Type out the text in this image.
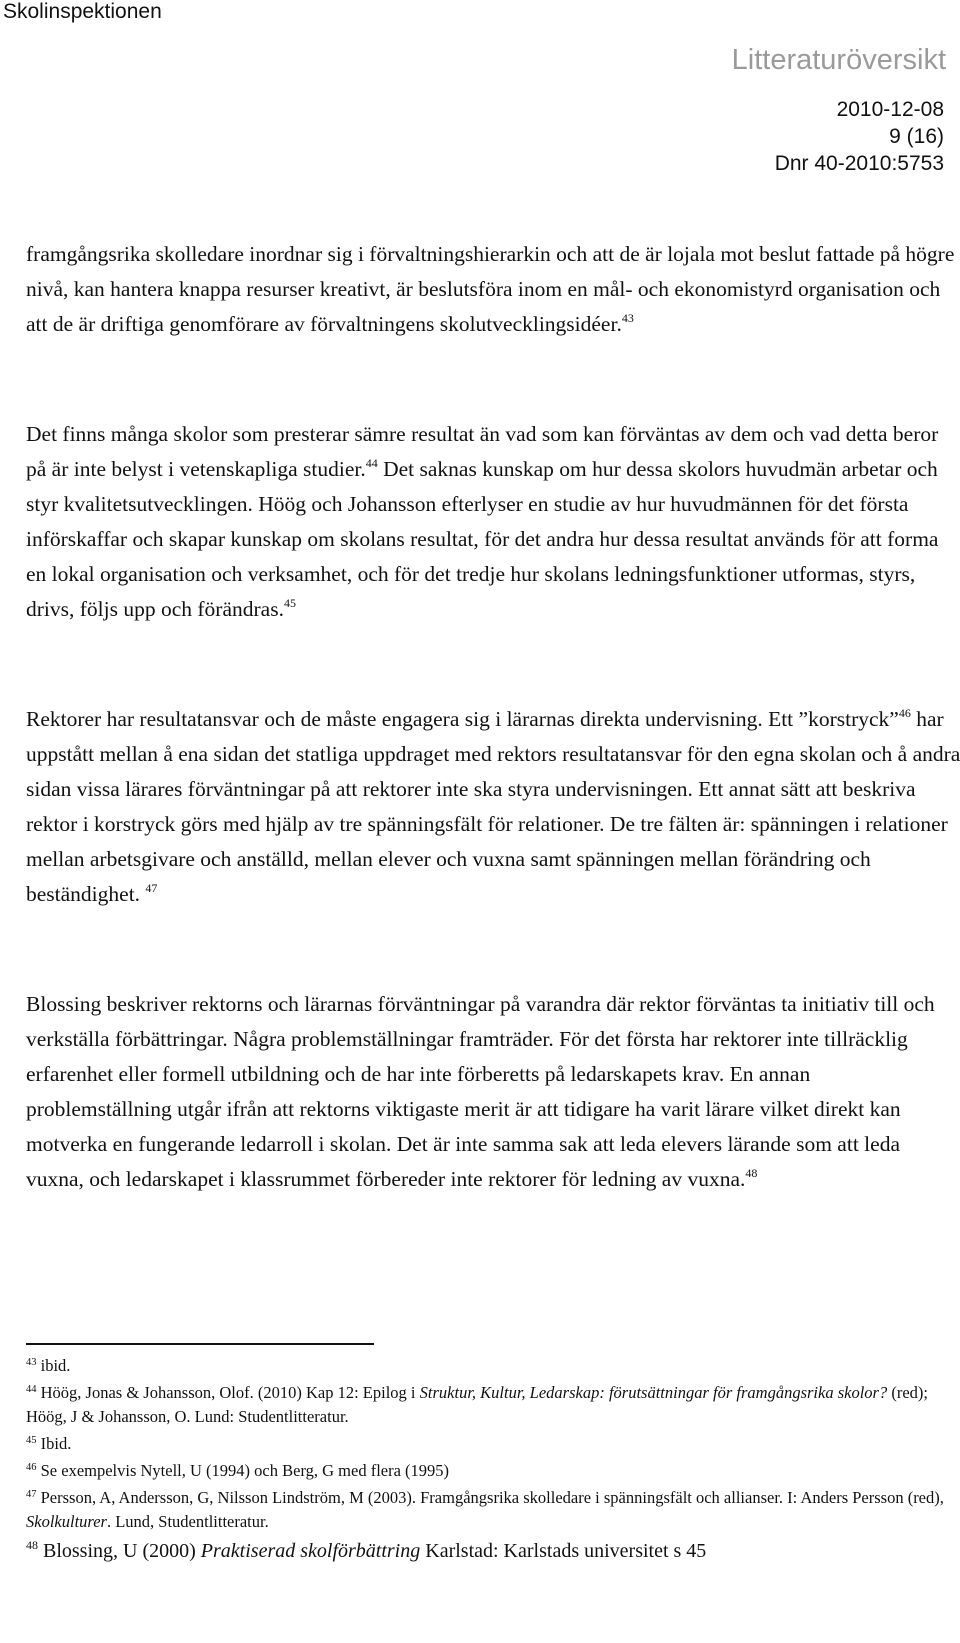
Skolinspektionen
Litteraturöversikt
2010-12-08
9 (16)
Dnr 40-2010:5753

framgångsrika skolledare inordnar sig i förvaltningshierarkin och att de är lojala mot beslut fattade på högre nivå, kan hantera knappa resurser kreativt, är beslutsföra inom en mål- och ekonomistyrd organisation och att de är driftiga genomförare av förvaltningens skolutvecklingsidéer.$^{43}$

Det finns många skolor som presterar sämre resultat än vad som kan förväntas av dem och vad detta beror på är inte belyst i vetenskapliga studier.$^{44}$ Det saknas kunskap om hur dessa skolors huvudmän arbetar och styr kvalitetsutvecklingen. Höög och Johansson efterlyser en studie av hur huvudmännen för det första införskaffar och skapar kunskap om skolans resultat, för det andra hur dessa resultat används för att forma en lokal organisation och verksamhet, och för det tredje hur skolans ledningsfunktioner utformas, styrs, drivs, följs upp och förändras.$^{45}$

Rektorer har resultatansvar och de måste engagera sig i lärarnas direkta undervisning. Ett ”korstryck”$^{46}$ har uppstått mellan å ena sidan det statliga uppdraget med rektors resultatansvar för den egna skolan och å andra sidan vissa lärares förväntningar på att rektorer inte ska styra undervisningen. Ett annat sätt att beskriva rektor i korstryck görs med hjälp av tre spänningsfält för relationer. De tre fälten är: spänningen i relationer mellan arbetsgivare och anställd, mellan elever och vuxna samt spänningen mellan förändring och beständighet. $^{47}$

Blossing beskriver rektorns och lärarnas förväntningar på varandra där rektor förväntas ta initiativ till och verkställa förbättringar. Några problemställningar framträder. För det första har rektorer inte tillräcklig erfarenhet eller formell utbildning och de har inte förberetts på ledarskapets krav. En annan problemställning utgår ifrån att rektorns viktigaste merit är att tidigare ha varit lärare vilket direkt kan motverka en fungerande ledarroll i skolan. Det är inte samma sak att leda elevers lärande som att leda vuxna, och ledarskapet i klassrummet förbereder inte rektorer för ledning av vuxna.$^{48}$

$^{43}$ ibid.
$^{44}$ Höög, Jonas & Johansson, Olof. (2010) Kap 12: Epilog i Struktur, Kultur, Ledarskap: förutsättningar för framgångsrika skolor? (red); Höög, J & Johansson, O. Lund: Studentlitteratur.
$^{45}$ Ibid.
$^{46}$ Se exempelvis Nytell, U (1994) och Berg, G med flera (1995)
$^{47}$ Persson, A, Andersson, G, Nilsson Lindström, M (2003). Framgångsrika skolledare i spänningsfält och allianser. I: Anders Persson (red), Skolkulturer. Lund, Studentlitteratur.
$^{48}$ Blossing, U (2000) Praktiserad skolförbättring Karlstad: Karlstads universitet s 45
